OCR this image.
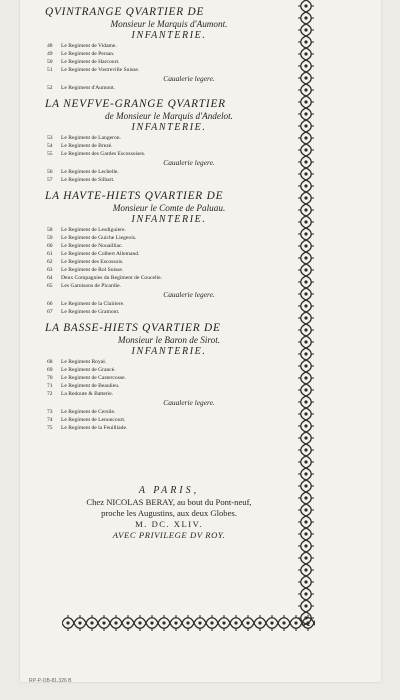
QVINTRANGE QVARTIER DE
Monsieur le Marquis d'Aumont.
INFANTERIE.
48 Le Regiment de Vidame.
49 Le Regiment de Persan.
50 Le Regiment de Harcourt.
51 Le Regiment de Vostreville Suisse.
Caualerie legere.
52 Le Regiment d'Aumont.
LA NEVFVE-GRANGE QVARTIER
de Monsieur le Marquis d'Andelot.
INFANTERIE.
53 Le Regiment de Langeron.
54 Le Regiment de Brezé.
55 Le Regiment des Gardes Escossoises.
Caualerie legere.
56 Le Regiment de Lechelle.
57 Le Regiment de Silhart.
LA HAVTE-HIETS QVARTIER DE
Monsieur le Comte de Paluau.
INFANTERIE.
58 Le Regiment de Lesdiguiere.
59 Le Regiment de Guiche Liegeois.
60 Le Regiment de Nouailliac.
61 Le Regiment de Colbert Allemand.
62 Le Regiment des Escossois.
63 Le Regiment de Rol Suisse.
64 Deux Compagnies du Regiment de Coucelle.
65 Les Garnisons de Picardie.
Caualerie legere.
66 Le Regiment de la Clairiere.
67 Le Regiment de Gramont.
LA BASSE-HIETS QVARTIER DE
Monsieur le Baron de Sirot.
INFANTERIE.
68 Le Regiment Royal.
69 Le Regiment de Grancé.
70 Le Regiment de Castercosse.
71 Le Regiment de Beaulieu.
72 La Redoute & Batterie.
Caualerie legere.
73 Le Regiment de Cersile.
74 Le Regiment de Lenoncourt.
75 Le Regiment de la Feuilliade.
A PARIS,
Chez NICOLAS BERAY, au bout du Pont-neuf,
proche les Augustins, aux deux Globes.
M. DC. XLIV.
AVEC PRIVILEGE DV ROY.
RP-P-OB-81.326 B
